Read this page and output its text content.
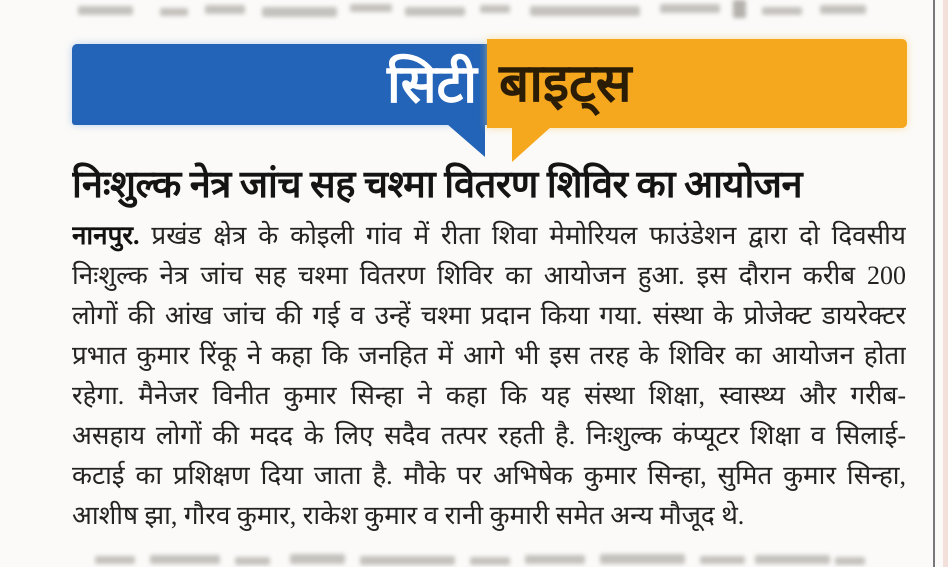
सिटी बाइट्स
निःशुल्क नेत्र जांच सह चश्मा वितरण शिविर का आयोजन
नानपुर. प्रखंड क्षेत्र के कोइली गांव में रीता शिवा मेमोरियल फाउंडेशन द्वारा दो दिवसीय
निःशुल्क नेत्र जांच सह चश्मा वितरण शिविर का आयोजन हुआ. इस दौरान करीब 200
लोगों की आंख जांच की गई व उन्हें चश्मा प्रदान किया गया. संस्था के प्रोजेक्ट डायरेक्टर
प्रभात कुमार रिंकू ने कहा कि जनहित में आगे भी इस तरह के शिविर का आयोजन होता
रहेगा. मैनेजर विनीत कुमार सिन्हा ने कहा कि यह संस्था शिक्षा, स्वास्थ्य और गरीब-
असहाय लोगों की मदद के लिए सदैव तत्पर रहती है. निःशुल्क कंप्यूटर शिक्षा व सिलाई-
कटाई का प्रशिक्षण दिया जाता है. मौके पर अभिषेक कुमार सिन्हा, सुमित कुमार सिन्हा,
आशीष झा, गौरव कुमार, राकेश कुमार व रानी कुमारी समेत अन्य मौजूद थे.
